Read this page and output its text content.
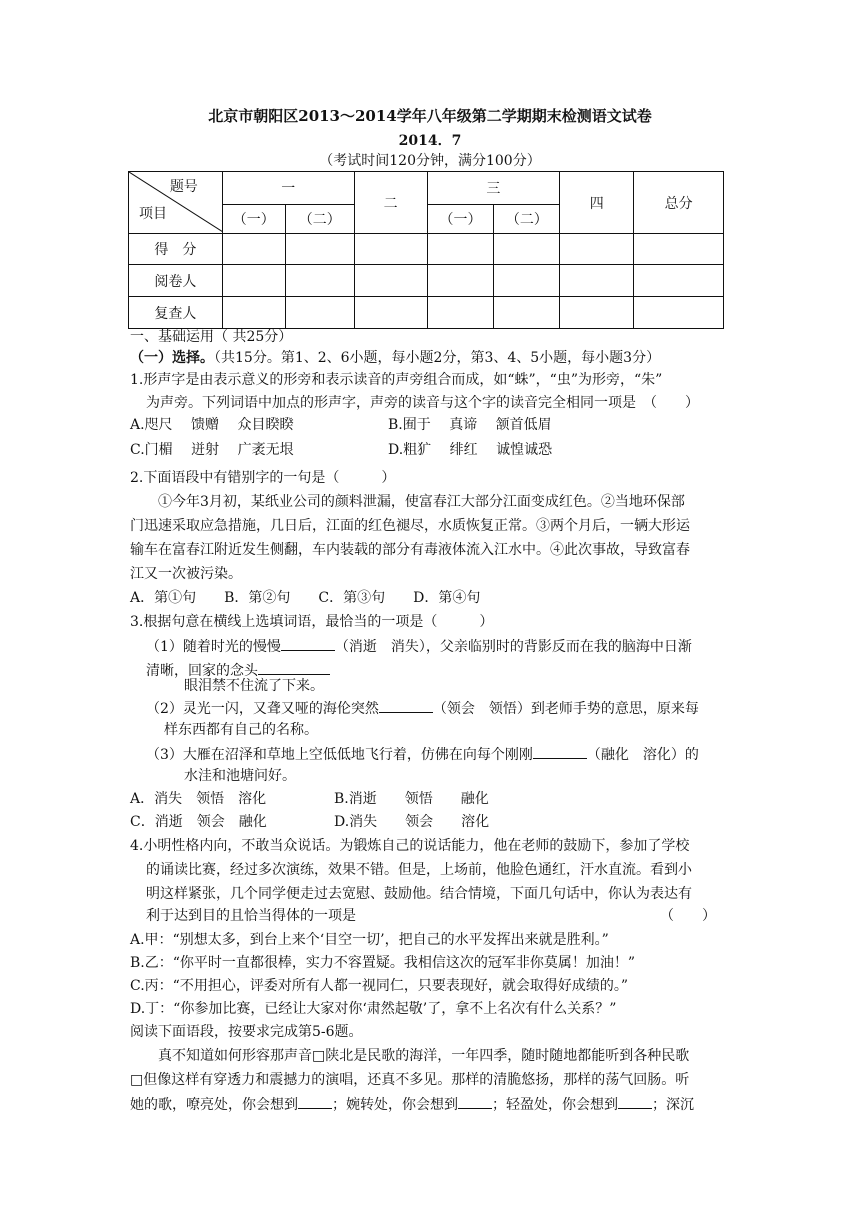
北京市朝阳区2013～2014学年八年级第二学期期末检测语文试卷
2014．7
（考试时间120分钟，满分100分）
题号
项目	一		二	三		四	总分
	（一）	（二）		（一）	（二）		
得　分							
阅卷人							
复查人							
一、基础运用（ 共25分）
（一）选择。（共15分。第1、2、6小题，每小题2分，第3、4、5小题，每小题3分）
1.形声字是由表示意义的形旁和表示读音的声旁组合而成，如“蛛”，“虫”为形旁，“朱”
为声旁。下列词语中加点的形声字，声旁的读音与这个字的读音完全相同一项是　（　　）
A.咫尺　 馈赠　 众目睽睽	B.囿于　 真谛　 颔首低眉
C.门楣　 迸射　 广袤无垠	D.粗犷　 绯红　 诚惶诚恐
2.下面语段中有错别字的一句是（　　　）
①今年3月初，某纸业公司的颜料泄漏，使富春江大部分江面变成红色。②当地环保部
门迅速采取应急措施，几日后，江面的红色褪尽，水质恢复正常。③两个月后，一辆大形运
输车在富春江附近发生侧翻，车内装载的部分有毒液体流入江水中。④此次事故，导致富春
江又一次被污染。
A．第①句　　B．第②句　　C．第③句　　D．第④句
3.根据句意在横线上选填词语，最恰当的一项是（　　　）
（1）随着时光的慢慢	（消逝　消失），父亲临别时的背影反而在我的脑海中日渐
清晰，回家的念头
眼泪禁不住流了下来。
（2）灵光一闪，又聋又哑的海伦突然	（领会　领悟）到老师手势的意思，原来每
样东西都有自己的名称。
（3）大雁在沼泽和草地上空低低地飞行着，仿佛在向每个刚刚	（融化　溶化）的
水洼和池塘问好。
A．消失　领悟　溶化	B.消逝　　领悟　　融化
C．消逝　领会　融化	D.消失　　领会　　溶化
4.小明性格内向，不敢当众说话。为锻炼自己的说话能力，他在老师的鼓励下，参加了学校
的诵读比赛，经过多次演练，效果不错。但是，上场前，他脸色通红，汗水直流。看到小
明这样紧张，几个同学便走过去宽慰、鼓励他。结合情境，下面几句话中，你认为表达有
利于达到目的且恰当得体的一项是	（　　）
A.甲：“别想太多，到台上来个‘目空一切’，把自己的水平发挥出来就是胜利。”
B.乙：“你平时一直都很棒，实力不容置疑。我相信这次的冠军非你莫属！加油！”
C.丙：“不用担心，评委对所有人都一视同仁，只要表现好，就会取得好成绩的。”
D.丁：“你参加比赛，已经让大家对你‘肃然起敬’了，拿不上名次有什么关系？”
阅读下面语段，按要求完成第5-6题。
真不知道如何形容那声音□陕北是民歌的海洋，一年四季，随时随地都能听到各种民歌
□但像这样有穿透力和震撼力的演唱，还真不多见。那样的清脆悠扬，那样的荡气回肠。听
她的歌，嘹亮处，你会想到 ；婉转处，你会想到 ；轻盈处，你会想到 ；深沉
